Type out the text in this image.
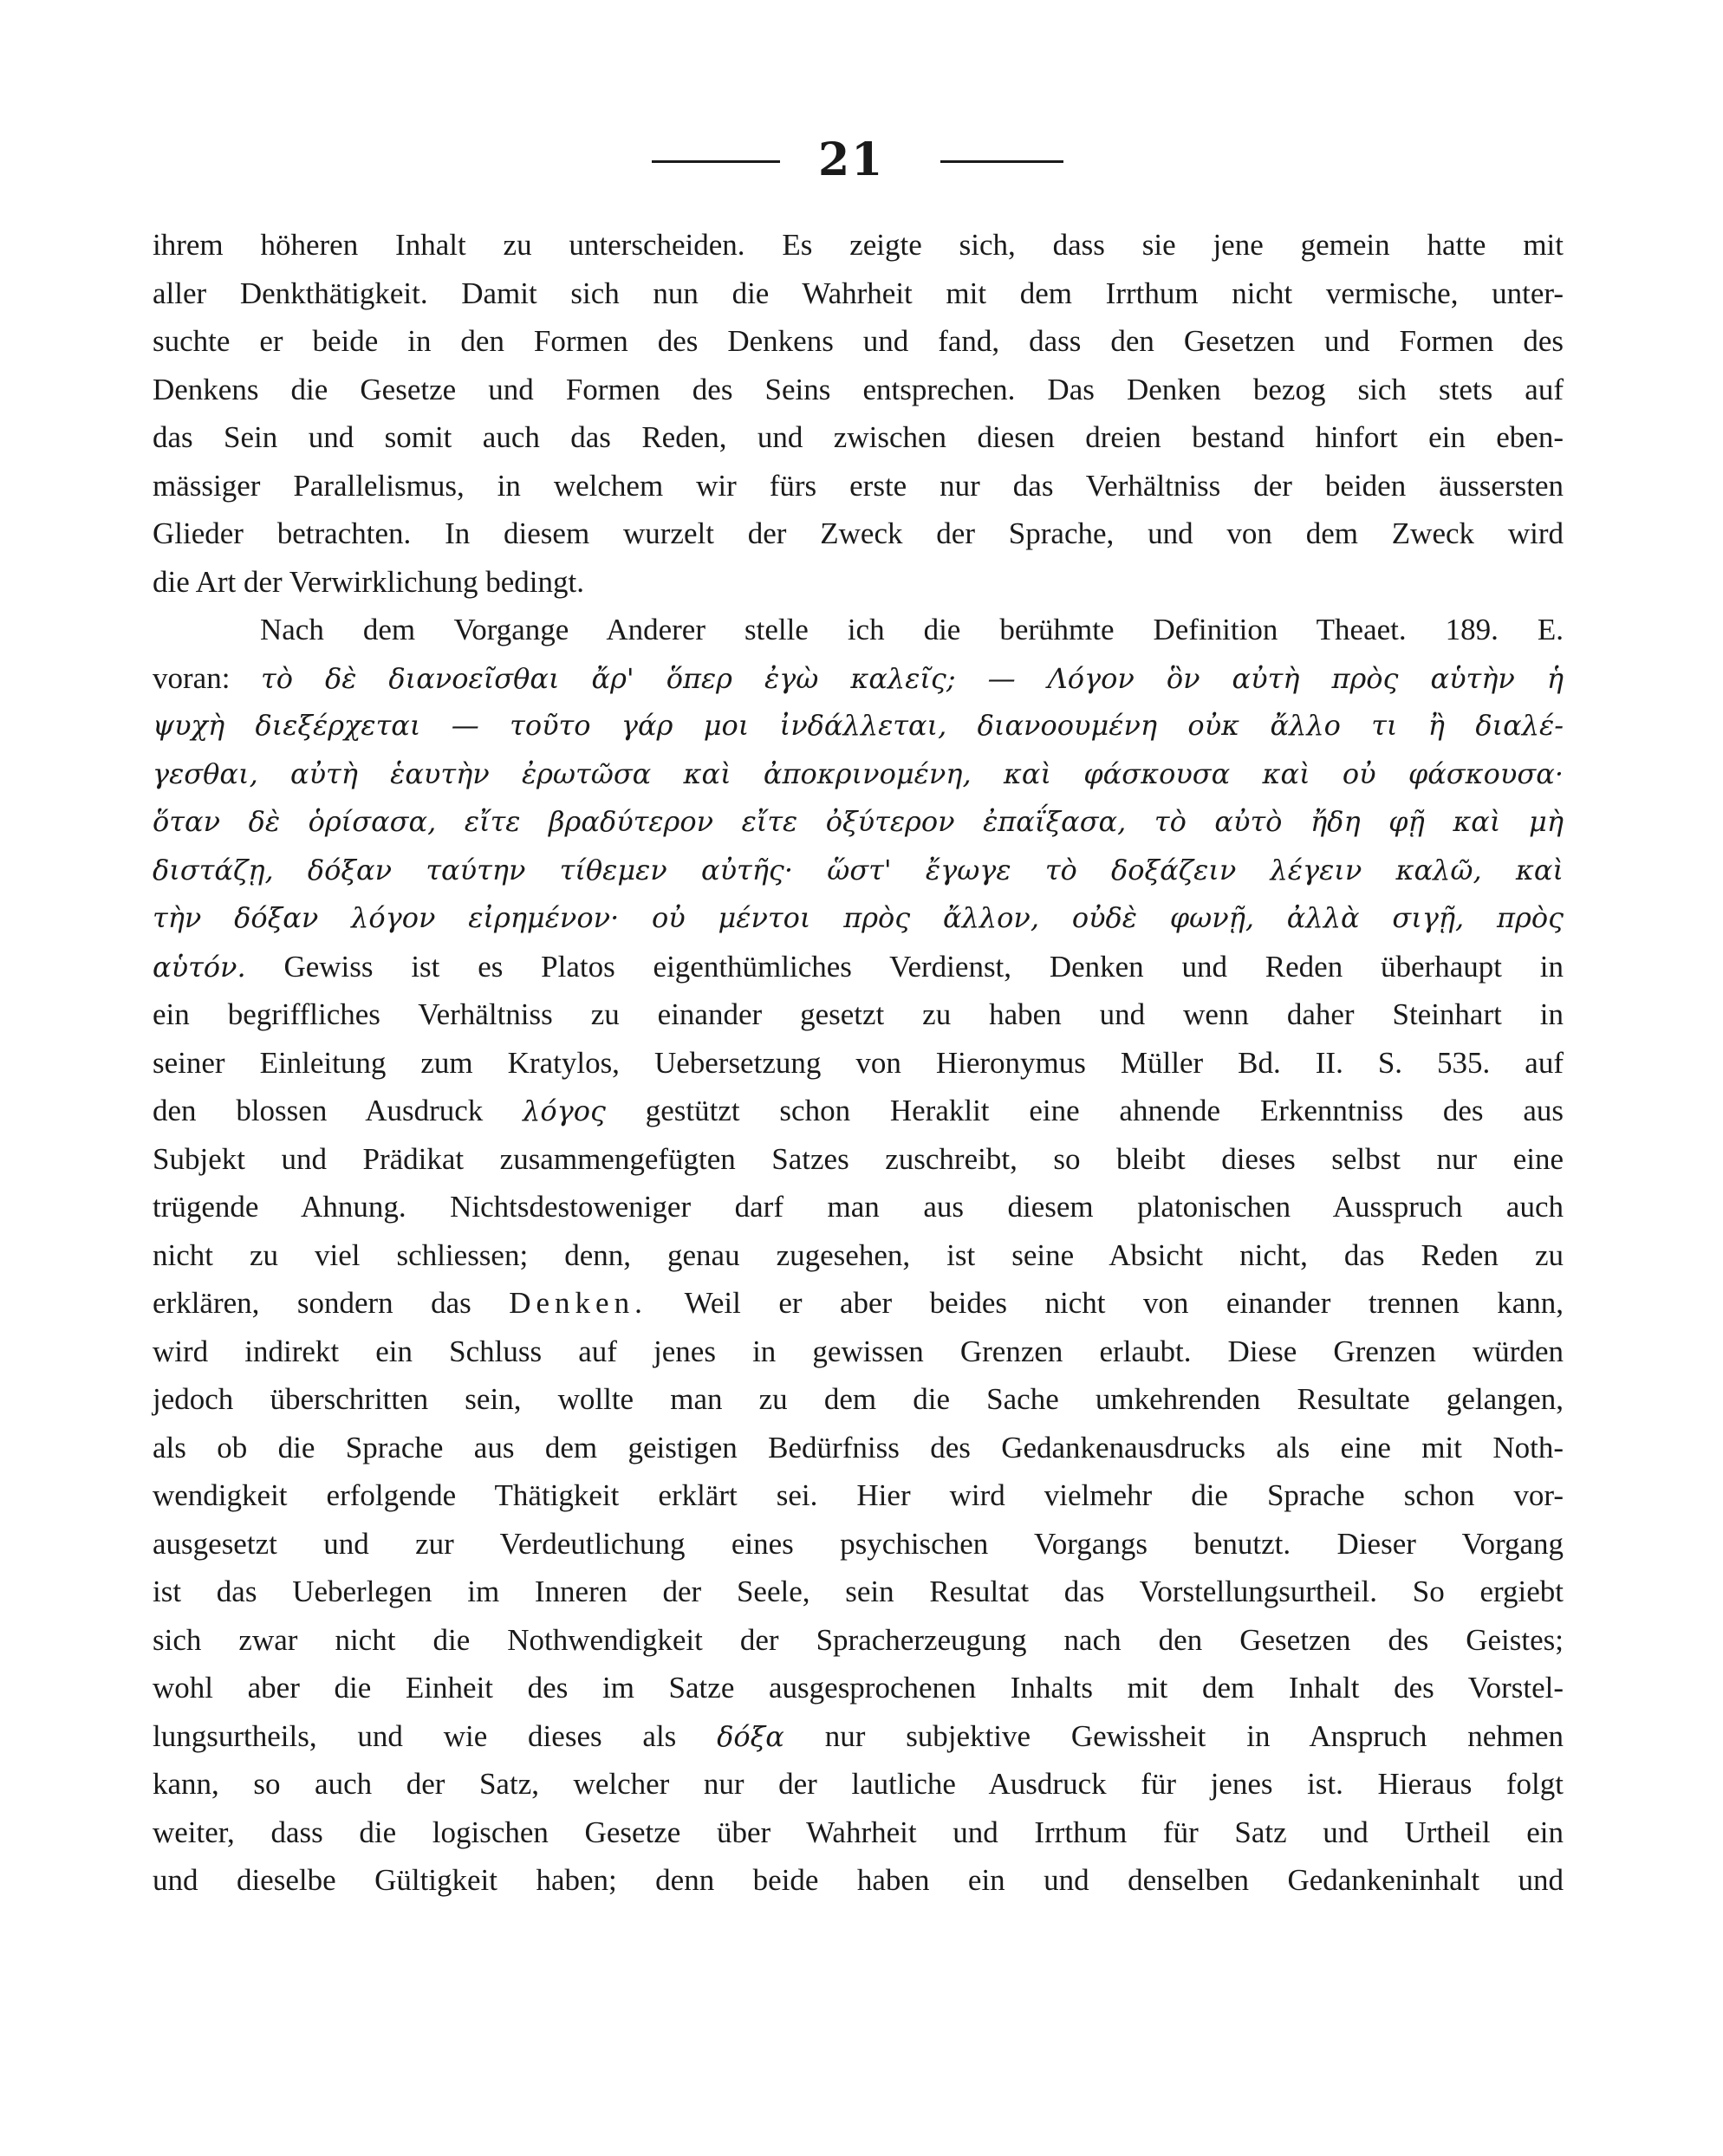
21
ihrem höheren Inhalt zu unterscheiden. Es zeigte sich, dass sie jene gemein hatte mit
aller Denkthätigkeit. Damit sich nun die Wahrheit mit dem Irrthum nicht vermische, unter-
suchte er beide in den Formen des Denkens und fand, dass den Gesetzen und Formen des
Denkens die Gesetze und Formen des Seins entsprechen. Das Denken bezog sich stets auf
das Sein und somit auch das Reden, und zwischen diesen dreien bestand hinfort ein eben-
mässiger Parallelismus, in welchem wir fürs erste nur das Verhältniss der beiden äussersten
Glieder betrachten. In diesem wurzelt der Zweck der Sprache, und von dem Zweck wird
die Art der Verwirklichung bedingt.
Nach dem Vorgange Anderer stelle ich die berühmte Definition Theaet. 189. E.
voran: τὸ δὲ διανοεῖσθαι ἄρ' ὅπερ ἐγὼ καλεῖς; — Λόγον ὃν αὐτὴ πρὸς αὑτὴν ἡ
ψυχὴ διεξέρχεται — τοῦτο γάρ μοι ἰνδάλλεται, διανοουμένη οὐκ ἄλλο τι ἢ διαλέ-
γεσθαι, αὐτὴ ἑαυτὴν ἐρωτῶσα καὶ ἀποκρινομένη, καὶ φάσκουσα καὶ οὐ φάσκουσα·
ὅταν δὲ ὁρίσασα, εἴτε βραδύτερον εἴτε ὀξύτερον ἐπαΐξασα, τὸ αὐτὸ ἤδη φῇ καὶ μὴ
διστάζῃ, δόξαν ταύτην τίθεμεν αὐτῆς· ὥστ' ἔγωγε τὸ δοξάζειν λέγειν καλῶ, καὶ
τὴν δόξαν λόγον εἰρημένον· οὐ μέντοι πρὸς ἄλλον, οὐδὲ φωνῇ, ἀλλὰ σιγῇ, πρὸς
αὑτόν. Gewiss ist es Platos eigenthümliches Verdienst, Denken und Reden überhaupt in
ein begriffliches Verhältniss zu einander gesetzt zu haben und wenn daher Steinhart in
seiner Einleitung zum Kratylos, Uebersetzung von Hieronymus Müller Bd. II. S. 535. auf
den blossen Ausdruck λόγος gestützt schon Heraklit eine ahnende Erkenntniss des aus
Subjekt und Prädikat zusammengefügten Satzes zuschreibt, so bleibt dieses selbst nur eine
trügende Ahnung. Nichtsdestoweniger darf man aus diesem platonischen Ausspruch auch
nicht zu viel schliessen; denn, genau zugesehen, ist seine Absicht nicht, das Reden zu
erklären, sondern das Denken. Weil er aber beides nicht von einander trennen kann,
wird indirekt ein Schluss auf jenes in gewissen Grenzen erlaubt. Diese Grenzen würden
jedoch überschritten sein, wollte man zu dem die Sache umkehrenden Resultate gelangen,
als ob die Sprache aus dem geistigen Bedürfniss des Gedankenausdrucks als eine mit Noth-
wendigkeit erfolgende Thätigkeit erklärt sei. Hier wird vielmehr die Sprache schon vor-
ausgesetzt und zur Verdeutlichung eines psychischen Vorgangs benutzt. Dieser Vorgang
ist das Ueberlegen im Inneren der Seele, sein Resultat das Vorstellungsurtheil. So ergiebt
sich zwar nicht die Nothwendigkeit der Spracherzeugung nach den Gesetzen des Geistes;
wohl aber die Einheit des im Satze ausgesprochenen Inhalts mit dem Inhalt des Vorstel-
lungsurtheils, und wie dieses als δόξα nur subjektive Gewissheit in Anspruch nehmen
kann, so auch der Satz, welcher nur der lautliche Ausdruck für jenes ist. Hieraus folgt
weiter, dass die logischen Gesetze über Wahrheit und Irrthum für Satz und Urtheil ein
und dieselbe Gültigkeit haben; denn beide haben ein und denselben Gedankeninhalt und
